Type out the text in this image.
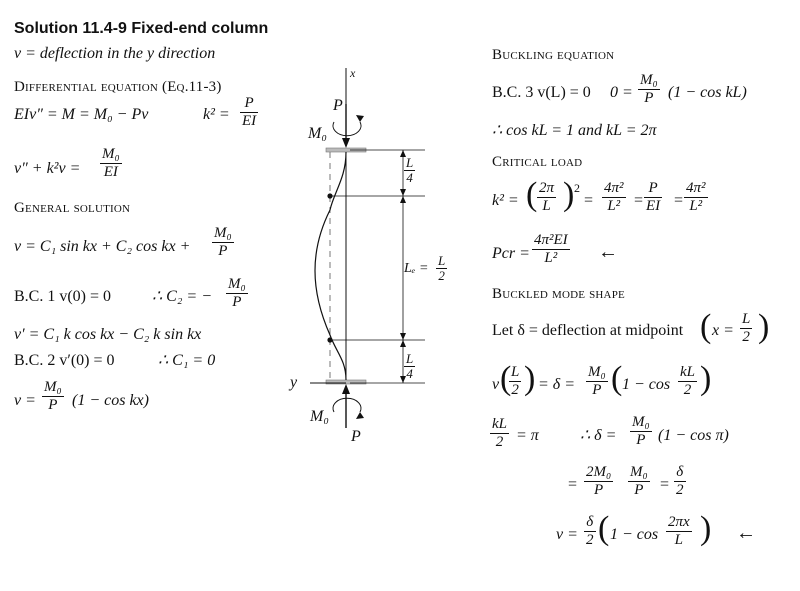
Solution 11.4-9 Fixed-end column
v = deflection in the y direction
Differential equation (Eq.11-3)
EIv″ = M = M₀ − Pv	$k^2 = \frac{P}{EI}$
$v'' + k^2v = \frac{\text{M₀}}{EI}$
General solution
v = C₁ sin kx + C₂ cos kx + $\frac{\text{M₀}}{P}$
B.C. 1 v(0) = 0	∴ C₂ = − $\frac{\text{M₀}}{P}$
v′ = C₁ k cos kx − C₂ k sin kx
B.C. 2 v′(0) = 0	∴ C₁ = 0
$v = \frac{\text{M₀}}{P} (1 - \cos kx)$
x
y
P
P
M₀
M₀
$\frac{L}{4}$
$L_e = \frac{L}{2}$
$\frac{L}{4}$
Buckling equation
B.C. 3 v(L) = 0 $0 = \frac{\text{M₀}}{P} (1 - \cos kL)$
∴ cos kL = 1 and kL = 2π
Critical load
k² = ( $\frac{2\pi}{L}$ ) 2
= $\frac{\text{4π²}}{\text{L²}} = \frac{P}{EI} = \frac{\text{4π²}}{\text{L²}}$
Pcr = $\frac{\text{4π²EI}}{\text{L²}}$ ←
Buckled mode shape
Let δ = deflection at midpoint ( $x = \frac{L}{2}$ )
v (
$\frac{L}{2}$ ) = $\delta = \frac{\text{M₀}}{P}$ ( $1 - \cos \frac{kL}{2}$ )
$\frac{kL}{2} = \pi$	∴ $\delta = \frac{\text{M₀}}{P} (1 - \cos \pi)$
= $\frac{\text{2M₀}}{P} \frac{\text{M₀}}{P} = \frac{\delta}{2}$
$v = \frac{\delta}{2}$ ( $1 - \cos \frac{2\pi x}{L}$ ) ←
